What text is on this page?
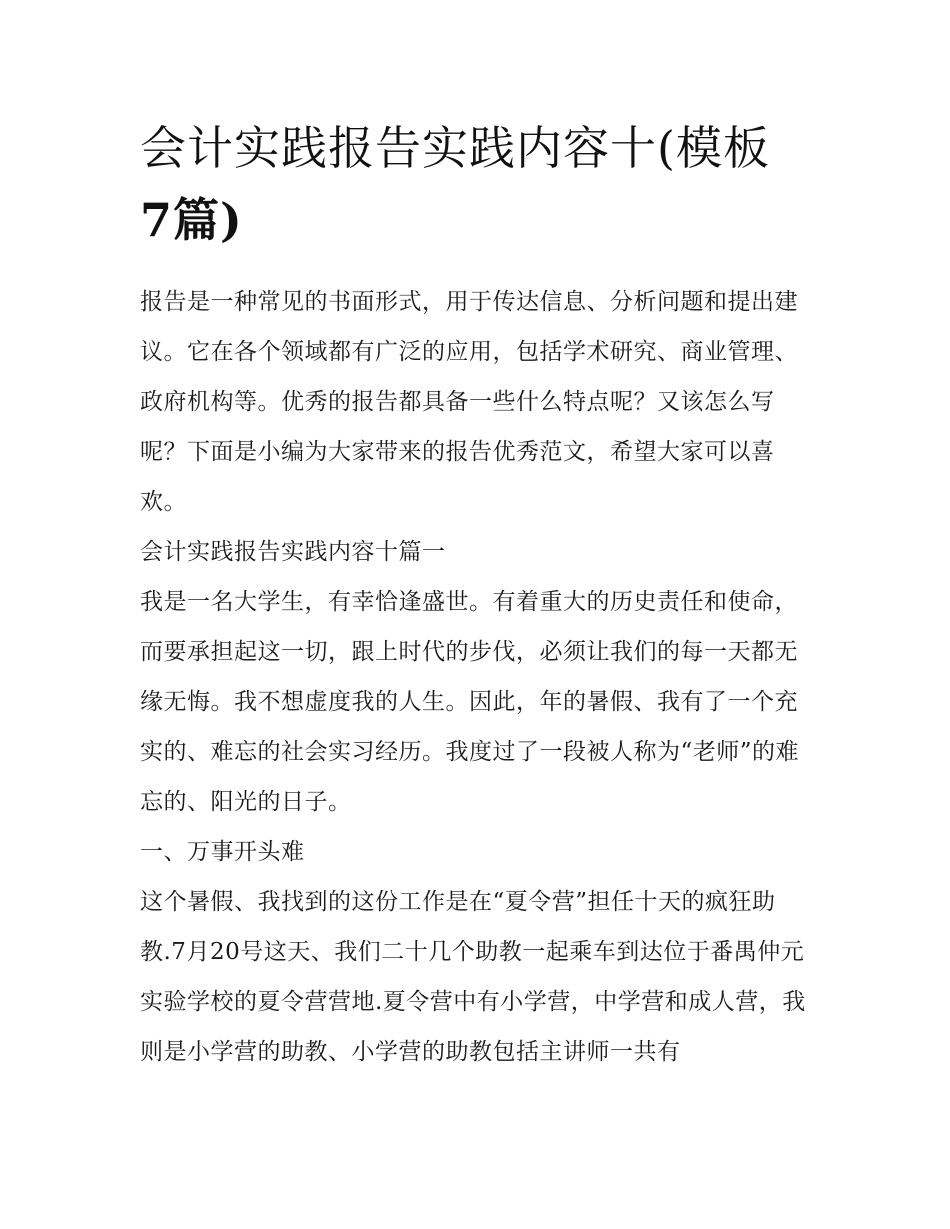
会计实践报告实践内容十(模板
7篇)

报告是一种常见的书面形式，用于传达信息、分析问题和提出建议。它在各个领域都有广泛的应用，包括学术研究、商业管理、政府机构等。优秀的报告都具备一些什么特点呢？又该怎么写呢？下面是小编为大家带来的报告优秀范文，希望大家可以喜欢。

会计实践报告实践内容十篇一

我是一名大学生，有幸恰逢盛世。有着重大的历史责任和使命，而要承担起这一切，跟上时代的步伐，必须让我们的每一天都无缘无悔。我不想虚度我的人生。因此，年的暑假、我有了一个充实的、难忘的社会实习经历。我度过了一段被人称为“老师”的难忘的、阳光的日子。

一、万事开头难

这个暑假、我找到的这份工作是在“夏令营”担任十天的疯狂助教.7月20号这天、我们二十几个助教一起乘车到达位于番禺仲元实验学校的夏令营营地.夏令营中有小学营，中学营和成人营，我则是小学营的助教、小学营的助教包括主讲师一共有
